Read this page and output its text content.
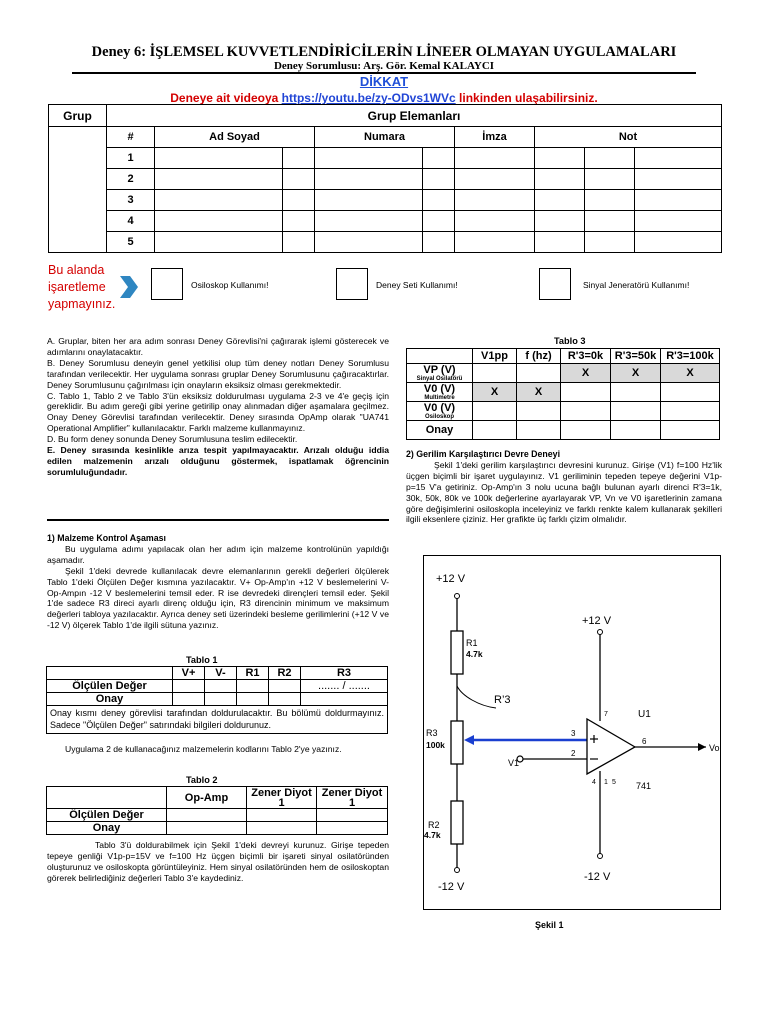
Deney 6: İŞLEMSEL KUVVETLENDİRİCİLERİN LİNEER OLMAYAN UYGULAMALARI
Deney Sorumlusu: Arş. Gör. Kemal KALAYCI
DİKKAT
Deneye ait videoya https://youtu.be/zy-ODvs1WVc linkinden ulaşabilirsiniz.
Grup	Grup Elemanları								
	#	Ad Soyad		Numara		İmza	Not		
	1								
	2								
	3								
	4								
	5								
Bu alanda
işaretleme
yapmayınız.
Osiloskop Kullanımı!	Deney Seti Kullanımı!	Sinyal Jeneratörü Kullanımı!
A. Gruplar, biten her ara adım sonrası Deney Görevlisi'ni çağırarak işlemi gösterecek ve adımlarını onaylatacaktır.
B. Deney Sorumlusu deneyin genel yetkilisi olup tüm deney notları Deney Sorumlusu tarafından verilecektir. Her uygulama sonrası gruplar Deney Sorumlusunu çağıracaktırlar. Deney Sorumlusunu çağırılması için onayların eksiksiz olması gerekmektedir.
C. Tablo 1, Tablo 2 ve Tablo 3'ün eksiksiz doldurulması uygulama 2-3 ve 4'e geçiş için gereklidir. Bu adım gereği gibi yerine getirilip onay alınmadan diğer aşamalara geçilmez. Onay Deney Görevlisi tarafından verilecektir. Deney sırasında OpAmp olarak "UA741 Operational Amplifier" kullanılacaktır. Farklı malzeme kullanmayınız.
D. Bu form deney sonunda Deney Sorumlusuna teslim edilecektir.
E. Deney sırasında kesinlikle arıza tespit yapılmayacaktır. Arızalı olduğu iddia edilen malzemenin arızalı olduğunu göstermek, ispatlamak öğrencinin sorumluluğundadır.
1) Malzeme Kontrol Aşaması
Bu uygulama adımı yapılacak olan her adım için malzeme kontrolünün yapıldığı aşamadır.
Şekil 1'deki devrede kullanılacak devre elemanlarının gerekli değerleri ölçülerek Tablo 1'deki Ölçülen Değer kısmına yazılacaktır. V+ Op-Amp'ın +12 V beslemelerini V- Op-Ampın -12 V beslemelerini temsil eder. R ise devredeki dirençleri temsil eder. Şekil 1'de sadece R3 direci ayarlı direnç olduğu için, R3 direncinin minimum ve maksimum değerleri tabloya yazılacaktır. Ayrıca deney seti üzerindeki besleme gerilimlerini (+12 V ve -12 V) ölçerek Tablo 1'de ilgili sütuna yazınız.
Tablo 1
	V+	V-	R1	R2	R3
Ölçülen Değer					....... / .......
Onay					
Onay kısmı deney görevlisi tarafından doldurulacaktır. Bu bölümü doldurmayınız. Sadece "Ölçülen Değer" satırındaki bilgileri doldurunuz.					
Uygulama 2 de kullanacağınız malzemelerin kodlarını Tablo 2'ye yazınız.
Tablo 2
	Op-Amp	Zener Diyot 1	Zener Diyot 1
Ölçülen Değer			
Onay			
Tablo 3'ü doldurabilmek için Şekil 1'deki devreyi kurunuz. Girişe tepeden tepeye genliği V1p-p=15V ve f=100 Hz üçgen biçimli bir işareti sinyal osilatöründen oluşturunuz ve osiloskopta görüntüleyiniz. Hem sinyal osilatöründen hem de osiloskoptan görerek belirlediğiniz değerleri Tablo 3'e kaydediniz.
Tablo 3
	V1pp	f (hz)	R'3=0k	R'3=50k	R'3=100k
VP (V)
Sinyal Osilatörü			X	X	X
V0 (V)
Multimetre	X	X			
V0 (V)
Osiloskop					

Onay					
2) Gerilim Karşılaştırıcı Devre Deneyi
Şekil 1'deki gerilim karşılaştırıcı devresini kurunuz. Girişe (V1) f=100 Hz'lik üçgen biçimli bir işaret uygulayınız. V1 geriliminin tepeden tepeye değerini V1p-p=15 V'a getiriniz. Op-Amp'ın 3 nolu ucuna bağlı bulunan ayarlı direnci R'3=1k, 30k, 50k, 80k ve 100k değerlerine ayarlayarak VP, Vn ve V0 işaretlerinin zamana göre değişimlerini osiloskopla inceleyiniz ve farklı renkte kalem kullanarak şekilleri ilgili eksenlere çiziniz. Her grafikte üç farklı çizim olmalıdır.
+12 V
+12 V
-12 V
-12 V
R1
4.7k
R3
100k
R2
4.7k
R’3
U1
741
V1
Vo
3
2
6
7
4 1 5
Şekil 1
